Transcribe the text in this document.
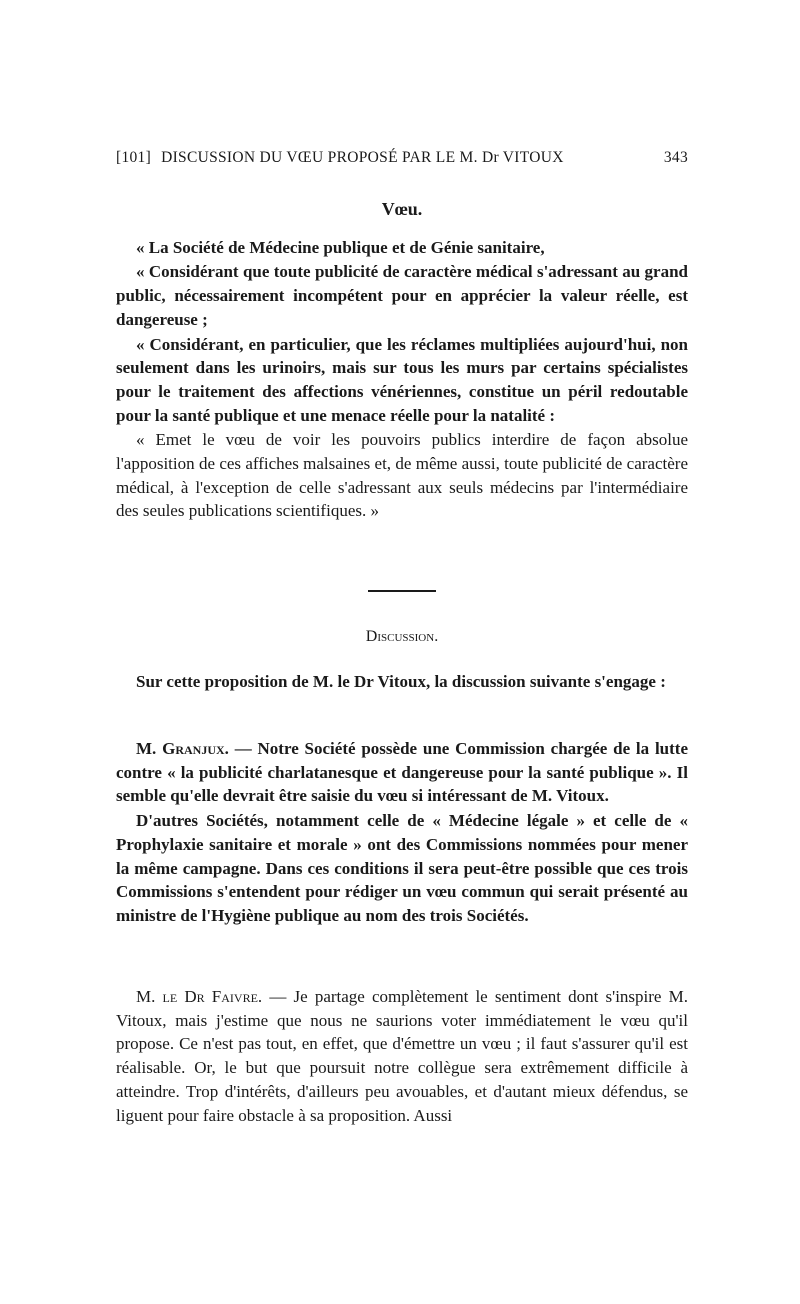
[101] DISCUSSION DU VŒU PROPOSÉ PAR LE M. Dr VITOUX	343

Vœu.

« La Société de Médecine publique et de Génie sanitaire,

« Considérant que toute publicité de caractère médical s'adressant au grand public, nécessairement incompétent pour en apprécier la valeur réelle, est dangereuse ;

« Considérant, en particulier, que les réclames multipliées aujourd'hui, non seulement dans les urinoirs, mais sur tous les murs par certains spécialistes pour le traitement des affections vénériennes, constitue un péril redoutable pour la santé publique et une menace réelle pour la natalité :

« Emet le vœu de voir les pouvoirs publics interdire de façon absolue l'apposition de ces affiches malsaines et, de même aussi, toute publicité de caractère médical, à l'exception de celle s'adressant aux seuls médecins par l'intermédiaire des seules publications scientifiques. »

Discussion.

Sur cette proposition de M. le Dr Vitoux, la discussion suivante s'engage :

M. Granjux. — Notre Société possède une Commission chargée de la lutte contre « la publicité charlatanesque et dangereuse pour la santé publique ». Il semble qu'elle devrait être saisie du vœu si intéressant de M. Vitoux.

D'autres Sociétés, notamment celle de « Médecine légale » et celle de « Prophylaxie sanitaire et morale » ont des Commissions nommées pour mener la même campagne. Dans ces conditions il sera peut-être possible que ces trois Commissions s'entendent pour rédiger un vœu commun qui serait présenté au ministre de l'Hygiène publique au nom des trois Sociétés.

M. le Dr Faivre. — Je partage complètement le sentiment dont s'inspire M. Vitoux, mais j'estime que nous ne saurions voter immédiatement le vœu qu'il propose. Ce n'est pas tout, en effet, que d'émettre un vœu ; il faut s'assurer qu'il est réalisable. Or, le but que poursuit notre collègue sera extrêmement difficile à atteindre. Trop d'intérêts, d'ailleurs peu avouables, et d'autant mieux défendus, se liguent pour faire obstacle à sa proposition. Aussi
